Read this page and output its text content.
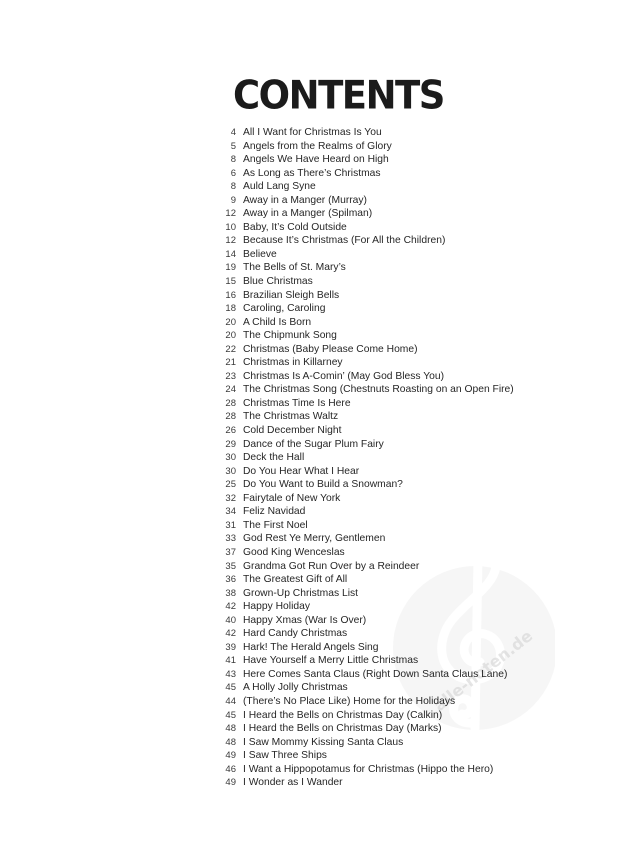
alle-noten.de
CONTENTS
4 All I Want for Christmas Is You
5 Angels from the Realms of Glory
8 Angels We Have Heard on High
6 As Long as There’s Christmas
8 Auld Lang Syne
9 Away in a Manger (Murray)
12 Away in a Manger (Spilman)
10 Baby, It’s Cold Outside
12 Because It’s Christmas (For All the Children)
14 Believe
19 The Bells of St. Mary’s
15 Blue Christmas
16 Brazilian Sleigh Bells
18 Caroling, Caroling
20 A Child Is Born
20 The Chipmunk Song
22 Christmas (Baby Please Come Home)
21 Christmas in Killarney
23 Christmas Is A-Comin’ (May God Bless You)
24 The Christmas Song (Chestnuts Roasting on an Open Fire)
28 Christmas Time Is Here
28 The Christmas Waltz
26 Cold December Night
29 Dance of the Sugar Plum Fairy
30 Deck the Hall
30 Do You Hear What I Hear
25 Do You Want to Build a Snowman?
32 Fairytale of New York
34 Feliz Navidad
31 The First Noel
33 God Rest Ye Merry, Gentlemen
37 Good King Wenceslas
35 Grandma Got Run Over by a Reindeer
36 The Greatest Gift of All
38 Grown-Up Christmas List
42 Happy Holiday
40 Happy Xmas (War Is Over)
42 Hard Candy Christmas
39 Hark! The Herald Angels Sing
41 Have Yourself a Merry Little Christmas
43 Here Comes Santa Claus (Right Down Santa Claus Lane)
45 A Holly Jolly Christmas
44 (There’s No Place Like) Home for the Holidays
45 I Heard the Bells on Christmas Day (Calkin)
48 I Heard the Bells on Christmas Day (Marks)
48 I Saw Mommy Kissing Santa Claus
49 I Saw Three Ships
46 I Want a Hippopotamus for Christmas (Hippo the Hero)
49 I Wonder as I Wander
